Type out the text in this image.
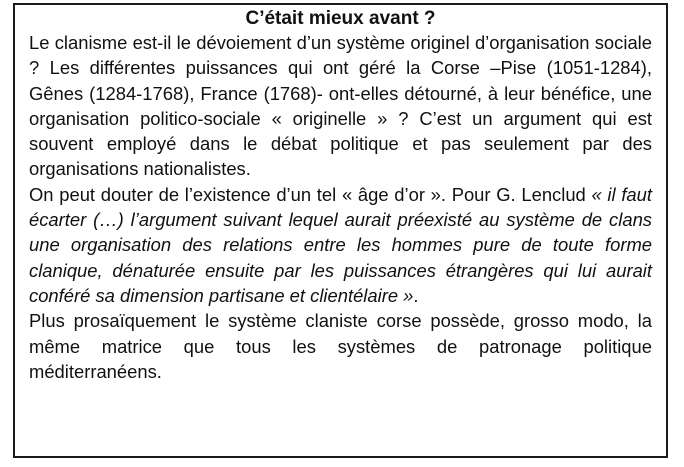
C’était mieux avant ?

Le clanisme est-il le dévoiement d’un système originel d’organisation sociale ? Les différentes puissances qui ont géré la Corse –Pise (1051-1284), Gênes (1284-1768), France (1768)- ont-elles détourné, à leur bénéfice, une organisation politico-sociale « originelle » ? C’est un argument qui est souvent employé dans le débat politique et pas seulement par des organisations nationalistes.

On peut douter de l’existence d’un tel « âge d’or ». Pour G. Lenclud « il faut écarter (…) l’argument suivant lequel aurait préexisté au système de clans une organisation des relations entre les hommes pure de toute forme clanique, dénaturée ensuite par les puissances étrangères qui lui aurait conféré sa dimension partisane et clientélaire ».

Plus prosaïquement le système claniste corse possède, grosso modo, la même matrice que tous les systèmes de patronage politique méditerranéens.
